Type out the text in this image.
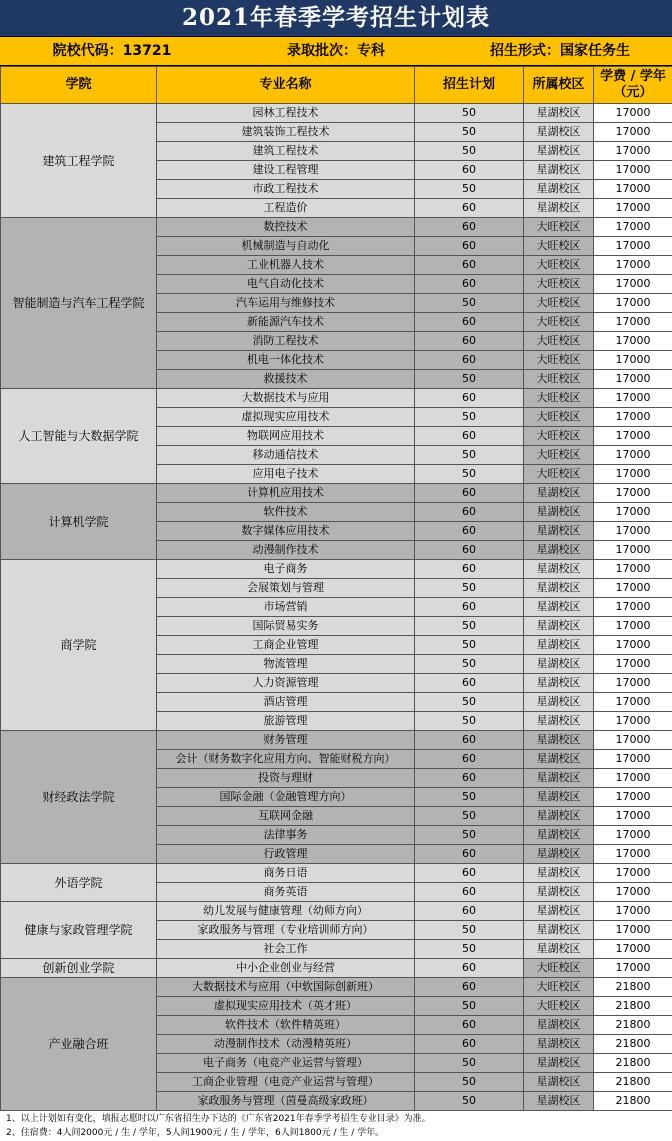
2021年春季学考招生计划表
院校代码：13721	录取批次：专科	招生形式：国家任务生
学院	专业名称	招生计划	所属校区	学费 / 学年（元）
建筑工程学院	园林工程技术	50	星湖校区	17000
	建筑装饰工程技术	50	星湖校区	17000
	建筑工程技术	50	星湖校区	17000
	建设工程管理	60	星湖校区	17000
	市政工程技术	50	星湖校区	17000
	工程造价	60	星湖校区	17000
智能制造与汽车工程学院	数控技术	60	大旺校区	17000
	机械制造与自动化	60	大旺校区	17000
	工业机器人技术	60	大旺校区	17000
	电气自动化技术	60	大旺校区	17000
	汽车运用与维修技术	50	大旺校区	17000
	新能源汽车技术	60	大旺校区	17000
	消防工程技术	60	大旺校区	17000
	机电一体化技术	60	大旺校区	17000
	救援技术	50	大旺校区	17000
人工智能与大数据学院	大数据技术与应用	60	大旺校区	17000
	虚拟现实应用技术	50	大旺校区	17000
	物联网应用技术	60	大旺校区	17000
	移动通信技术	50	大旺校区	17000
	应用电子技术	50	大旺校区	17000
计算机学院	计算机应用技术	60	星湖校区	17000
	软件技术	60	星湖校区	17000
	数字媒体应用技术	60	星湖校区	17000
	动漫制作技术	60	星湖校区	17000
商学院	电子商务	60	星湖校区	17000
	会展策划与管理	50	星湖校区	17000
	市场营销	60	星湖校区	17000
	国际贸易实务	50	星湖校区	17000
	工商企业管理	50	星湖校区	17000
	物流管理	50	星湖校区	17000
	人力资源管理	60	星湖校区	17000
	酒店管理	50	星湖校区	17000
	旅游管理	50	星湖校区	17000
财经政法学院	财务管理	60	星湖校区	17000
	会计（财务数字化应用方向、智能财税方向）	60	星湖校区	17000
	投资与理财	60	星湖校区	17000
	国际金融（金融管理方向）	50	星湖校区	17000
	互联网金融	50	星湖校区	17000
	法律事务	50	星湖校区	17000
	行政管理	60	星湖校区	17000
外语学院	商务日语	60	星湖校区	17000
	商务英语	60	星湖校区	17000
健康与家政管理学院	幼儿发展与健康管理（幼师方向）	60	星湖校区	17000
	家政服务与管理（专业培训师方向）	50	星湖校区	17000
	社会工作	50	星湖校区	17000
创新创业学院	中小企业创业与经营	60	大旺校区	17000
产业融合班	大数据技术与应用（中软国际创新班）	60	大旺校区	21800
	虚拟现实应用技术（英才班）	50	大旺校区	21800
	软件技术（软件精英班）	60	星湖校区	21800
	动漫制作技术（动漫精英班）	60	星湖校区	21800
	电子商务（电竞产业运营与管理）	50	星湖校区	21800
	工商企业管理（电竞产业运营与管理）	50	星湖校区	21800
	家政服务与管理（茵曼高级家政班）	50	星湖校区	21800
1、以上计划如有变化，填报志愿时以广东省招生办下达的《广东省2021年春季学考招生专业目录》为准。
2、住宿费：4人间2000元 / 生 / 学年，5人间1900元 / 生 / 学年，6人间1800元 / 生 / 学年。
